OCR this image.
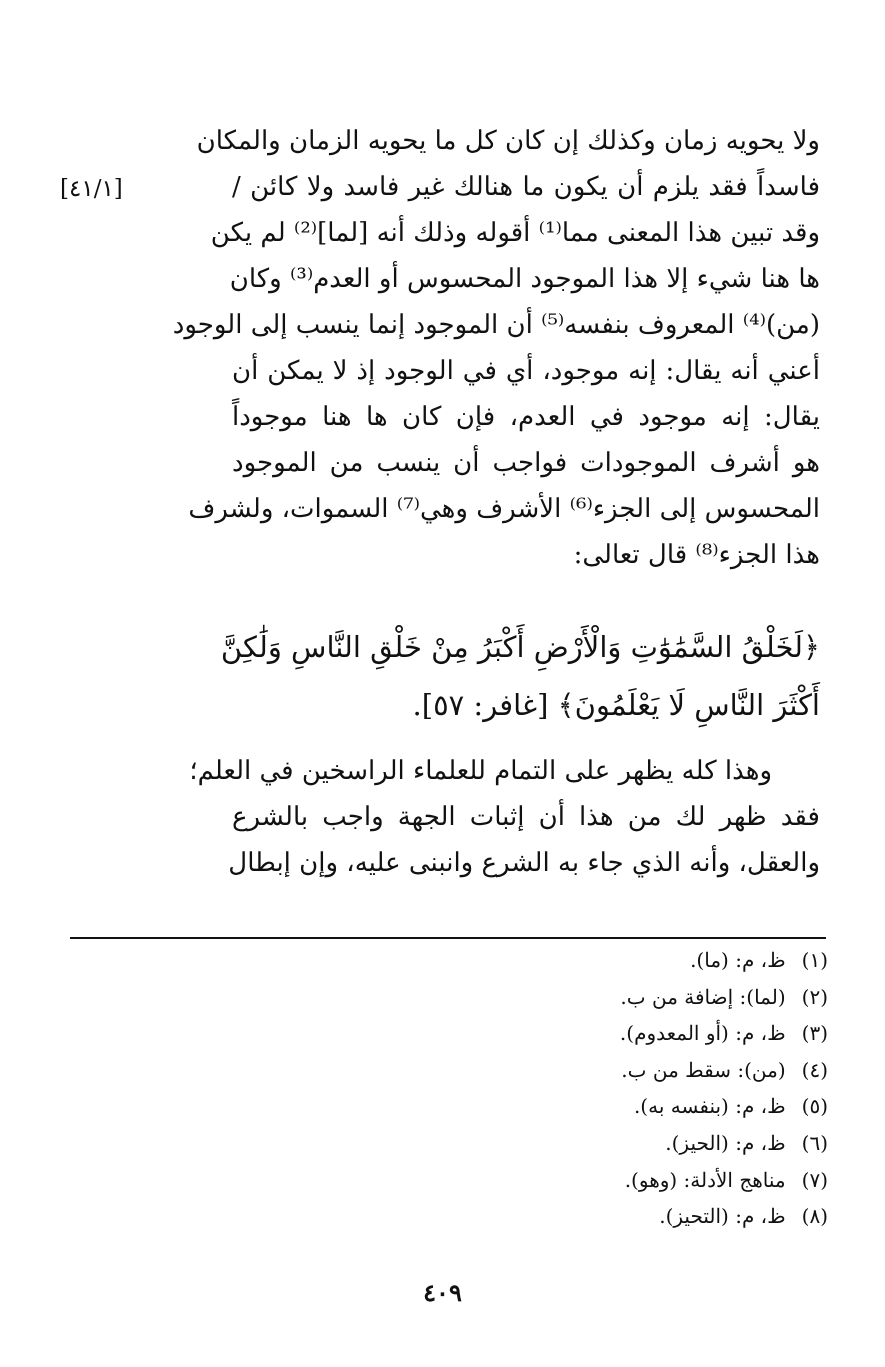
[٤١/١]
ولا يحويه زمان وكذلك إن كان كل ما يحويه الزمان والمكان
فاسداً فقد يلزم أن يكون ما هنالك غير فاسد ولا كائن /
وقد تبين هذا المعنى مما⁽¹⁾ أقوله وذلك أنه [لما]⁽²⁾ لم يكن
ها هنا شيء إلا هذا الموجود المحسوس أو العدم⁽³⁾ وكان
(من)⁽⁴⁾ المعروف بنفسه⁽⁵⁾ أن الموجود إنما ينسب إلى الوجود
أعني أنه يقال: إنه موجود، أي في الوجود إذ لا يمكن أن
يقال: إنه موجود في العدم، فإن كان ها هنا موجوداً
هو أشرف الموجودات فواجب أن ينسب من الموجود
المحسوس إلى الجزء⁽⁶⁾ الأشرف وهي⁽⁷⁾ السموات، ولشرف
هذا الجزء⁽⁸⁾ قال تعالى:
﴿لَخَلْقُ السَّمَٰوَٰتِ وَالْأَرْضِ أَكْبَرُ مِنْ خَلْقِ النَّاسِ وَلَٰكِنَّ
أَكْثَرَ النَّاسِ لَا يَعْلَمُونَ﴾ [غافر: ٥٧].
وهذا كله يظهر على التمام للعلماء الراسخين في العلم؛
فقد ظهر لك من هذا أن إثبات الجهة واجب بالشرع
والعقل، وأنه الذي جاء به الشرع وانبنى عليه، وإن إبطال
(١) ظ، م: (ما).
(٢) (لما): إضافة من ب.
(٣) ظ، م: (أو المعدوم).
(٤) (من): سقط من ب.
(٥) ظ، م: (بنفسه به).
(٦) ظ، م: (الحيز).
(٧) مناهج الأدلة: (وهو).
(٨) ظ، م: (التحيز).
٤٠٩
